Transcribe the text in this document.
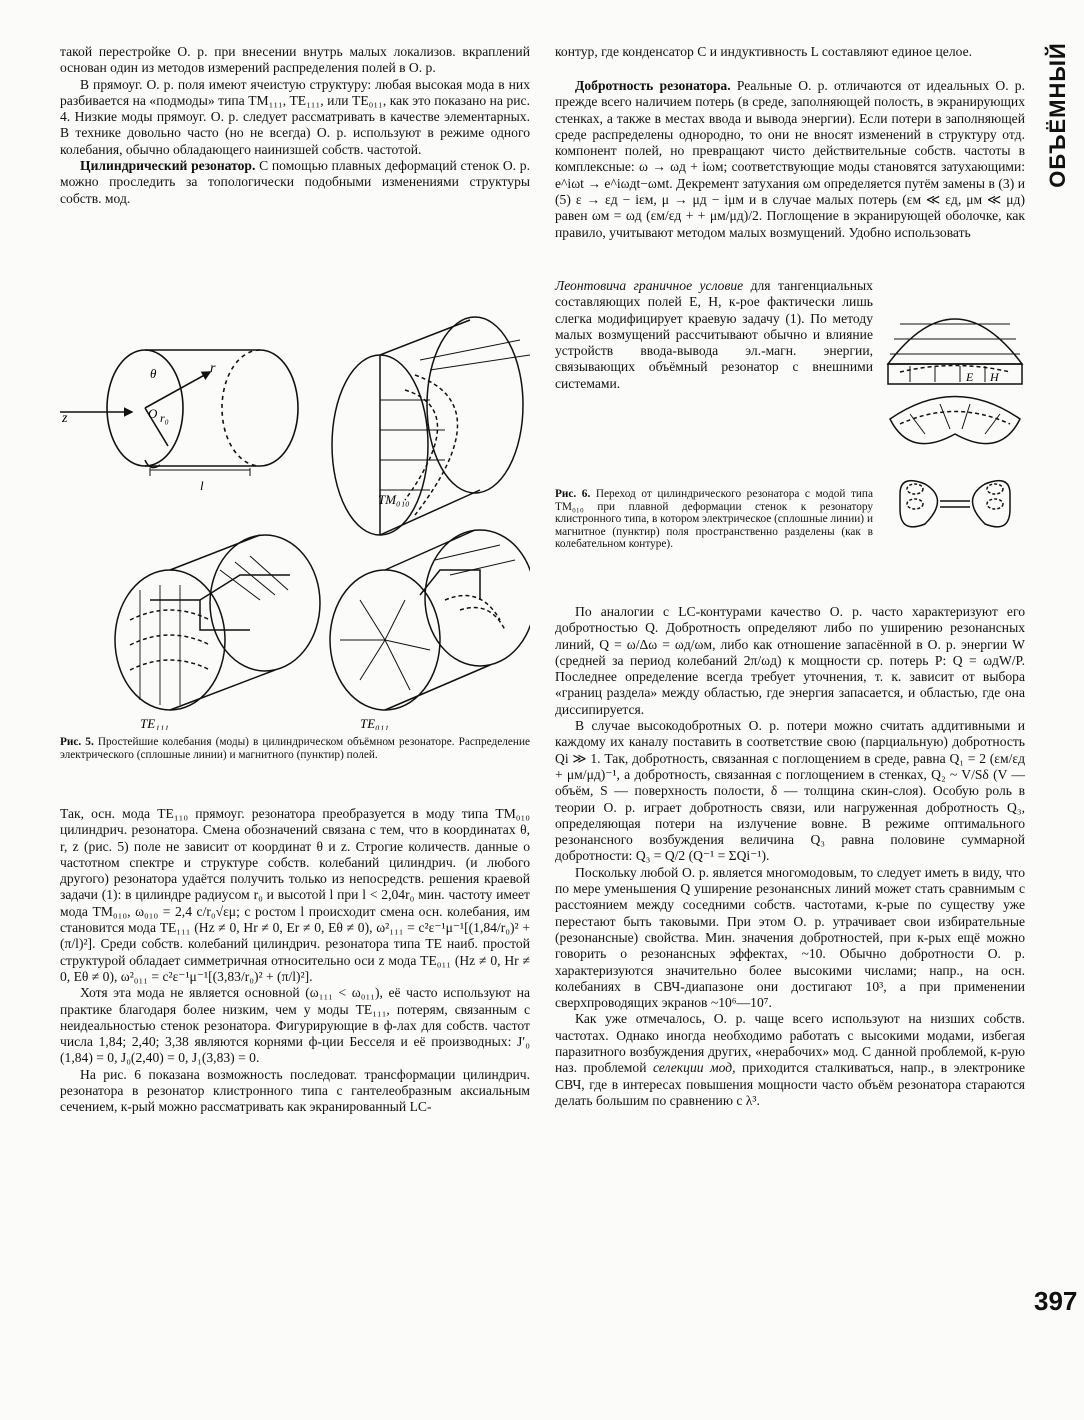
ОБЪЁМНЫЙ
397

такой перестройке О. р. при внесении внутрь малых локализов. вкраплений основан один из методов измерений распределения полей в О. р.

В прямоуг. О. р. поля имеют ячеистую структуру: любая высокая мода в них разбивается на «подмоды» типа TM₁₁₁, TE₁₁₁, или TE₀₁₁, как это показано на рис. 4. Низкие моды прямоуг. О. р. следует рассматривать в качестве элементарных. В технике довольно часто (но не всегда) О. р. используют в режиме одного колебания, обычно обладающего наинизшей собств. частотой.

Цилиндрический резонатор. С помощью плавных деформаций стенок О. р. можно проследить за топологически подобными изменениями структуры собств. мод.

z	O
θ	r
r₀
l
TM₀₁₀
TE₁₁₁	TE₀₁₁
Рис. 5. Простейшие колебания (моды) в цилиндрическом объёмном резонаторе. Распределение электрического (сплошные линии) и магнитного (пунктир) полей.

Так, осн. мода TE₁₁₀ прямоуг. резонатора преобразуется в моду типа TM₀₁₀ цилиндрич. резонатора. Смена обозначений связана с тем, что в координатах θ, r, z (рис. 5) поле не зависит от координат θ и z. Строгие количеств. данные о частотном спектре и структуре собств. колебаний цилиндрич. (и любого другого) резонатора удаётся получить только из непосредств. решения краевой задачи (1): в цилиндре радиусом r₀ и высотой l при l < 2,04r₀ мин. частоту имеет мода TM₀₁₀, ω₀₁₀ = 2,4 c/r₀√εμ; с ростом l происходит смена осн. колебания, им становится мода TE₁₁₁ (Hz ≠ 0, Hr ≠ 0, Er ≠ 0, Eθ ≠ 0), ω²₁₁₁ = c²ε⁻¹μ⁻¹[(1,84/r₀)² + (π/l)²]. Среди собств. колебаний цилиндрич. резонатора типа TE наиб. простой структурой обладает симметричная относительно оси z мода TE₀₁₁ (Hz ≠ 0, Hr ≠ 0, Eθ ≠ 0), ω²₀₁₁ = c²ε⁻¹μ⁻¹[(3,83/r₀)² + (π/l)²].

Хотя эта мода не является основной (ω₁₁₁ < ω₀₁₁), её часто используют на практике благодаря более низким, чем у моды TE₁₁₁, потерям, связанным с неидеальностью стенок резонатора. Фигурирующие в ф-лах для собств. частот числа 1,84; 2,40; 3,38 являются корнями ф-ции Бесселя и её производных: J′₀ (1,84) = 0, J₀(2,40) = 0, J₁(3,83) = 0.

На рис. 6 показана возможность последоват. трансформации цилиндрич. резонатора в резонатор клистронного типа с гантелеобразным аксиальным сечением, к-рый можно рассматривать как экранированный LC-

контур, где конденсатор C и индуктивность L составляют единое целое.

Добротность резонатора. Реальные О. р. отличаются от идеальных О. р. прежде всего наличием потерь (в среде, заполняющей полость, в экранирующих стенках, а также в местах ввода и вывода энергии). Если потери в заполняющей среде распределены однородно, то они не вносят изменений в структуру отд. компонент полей, но превращают чисто действительные собств. частоты в комплексные: ω → ωд + iωм; соответствующие моды становятся затухающими: e^iωt → e^iωдt−ωмt. Декремент затухания ωм определяется путём замены в (3) и (5) ε → εд − iεм, μ → μд − iμм и в случае малых потерь (εм ≪ εд, μм ≪ μд) равен ωм = ωд (εм/εд + + μм/μд)/2. Поглощение в экранирующей оболочке, как правило, учитывают методом малых возмущений. Удобно использовать

Леонтовича граничное условие для тангенциальных составляющих полей E, H, к-рое фактически лишь слегка модифицирует краевую задачу (1). По методу малых возмущений рассчитывают обычно и влияние устройств ввода-вывода эл.-магн. энергии, связывающих объёмный резонатор с внешними системами.	E H
Рис. 6. Переход от цилиндрического резонатора с модой типа TM₀₁₀ при плавной деформации стенок к резонатору клистронного типа, в котором электрическое (сплошные линии) и магнитное (пунктир) поля пространственно разделены (как в колебательном контуре).

По аналогии с LC-контурами качество О. р. часто характеризуют его добротностью Q. Добротность определяют либо по уширению резонансных линий, Q = ω/Δω = ωд/ωм, либо как отношение запасённой в О. р. энергии W (средней за период колебаний 2π/ωд) к мощности ср. потерь P: Q = ωдW/P. Последнее определение всегда требует уточнения, т. к. зависит от выбора «границ раздела» между областью, где энергия запасается, и областью, где она диссипируется.

В случае высокодобротных О. р. потери можно считать аддитивными и каждому их каналу поставить в соответствие свою (парциальную) добротность Qi ≫ 1. Так, добротность, связанная с поглощением в среде, равна Q₁ = 2 (εм/εд + μм/μд)⁻¹, а добротность, связанная с поглощением в стенках, Q₂ ~ V/Sδ (V — объём, S — поверхность полости, δ — толщина скин-слоя). Особую роль в теории О. р. играет добротность связи, или нагруженная добротность Q₃, определяющая потери на излучение вовне. В режиме оптимального резонансного возбуждения величина Q₃ равна половине суммарной добротности: Q₃ = Q/2 (Q⁻¹ = ΣQi⁻¹).

Поскольку любой О. р. является многомодовым, то следует иметь в виду, что по мере уменьшения Q уширение резонансных линий может стать сравнимым с расстоянием между соседними собств. частотами, к-рые по существу уже перестают быть таковыми. При этом О. р. утрачивает свои избирательные (резонансные) свойства. Мин. значения добротностей, при к-рых ещё можно говорить о резонансных эффектах, ~10. Обычно добротности О. р. характеризуются значительно более высокими числами; напр., на осн. колебаниях в СВЧ-диапазоне они достигают 10³, а при применении сверхпроводящих экранов ~10⁶—10⁷.

Как уже отмечалось, О. р. чаще всего используют на низших собств. частотах. Однако иногда необходимо работать с высокими модами, избегая паразитного возбуждения других, «нерабочих» мод. С данной проблемой, к-рую наз. проблемой селекции мод, приходится сталкиваться, напр., в электронике СВЧ, где в интересах повышения мощности часто объём резонатора стараются делать большим по сравнению с λ³.
